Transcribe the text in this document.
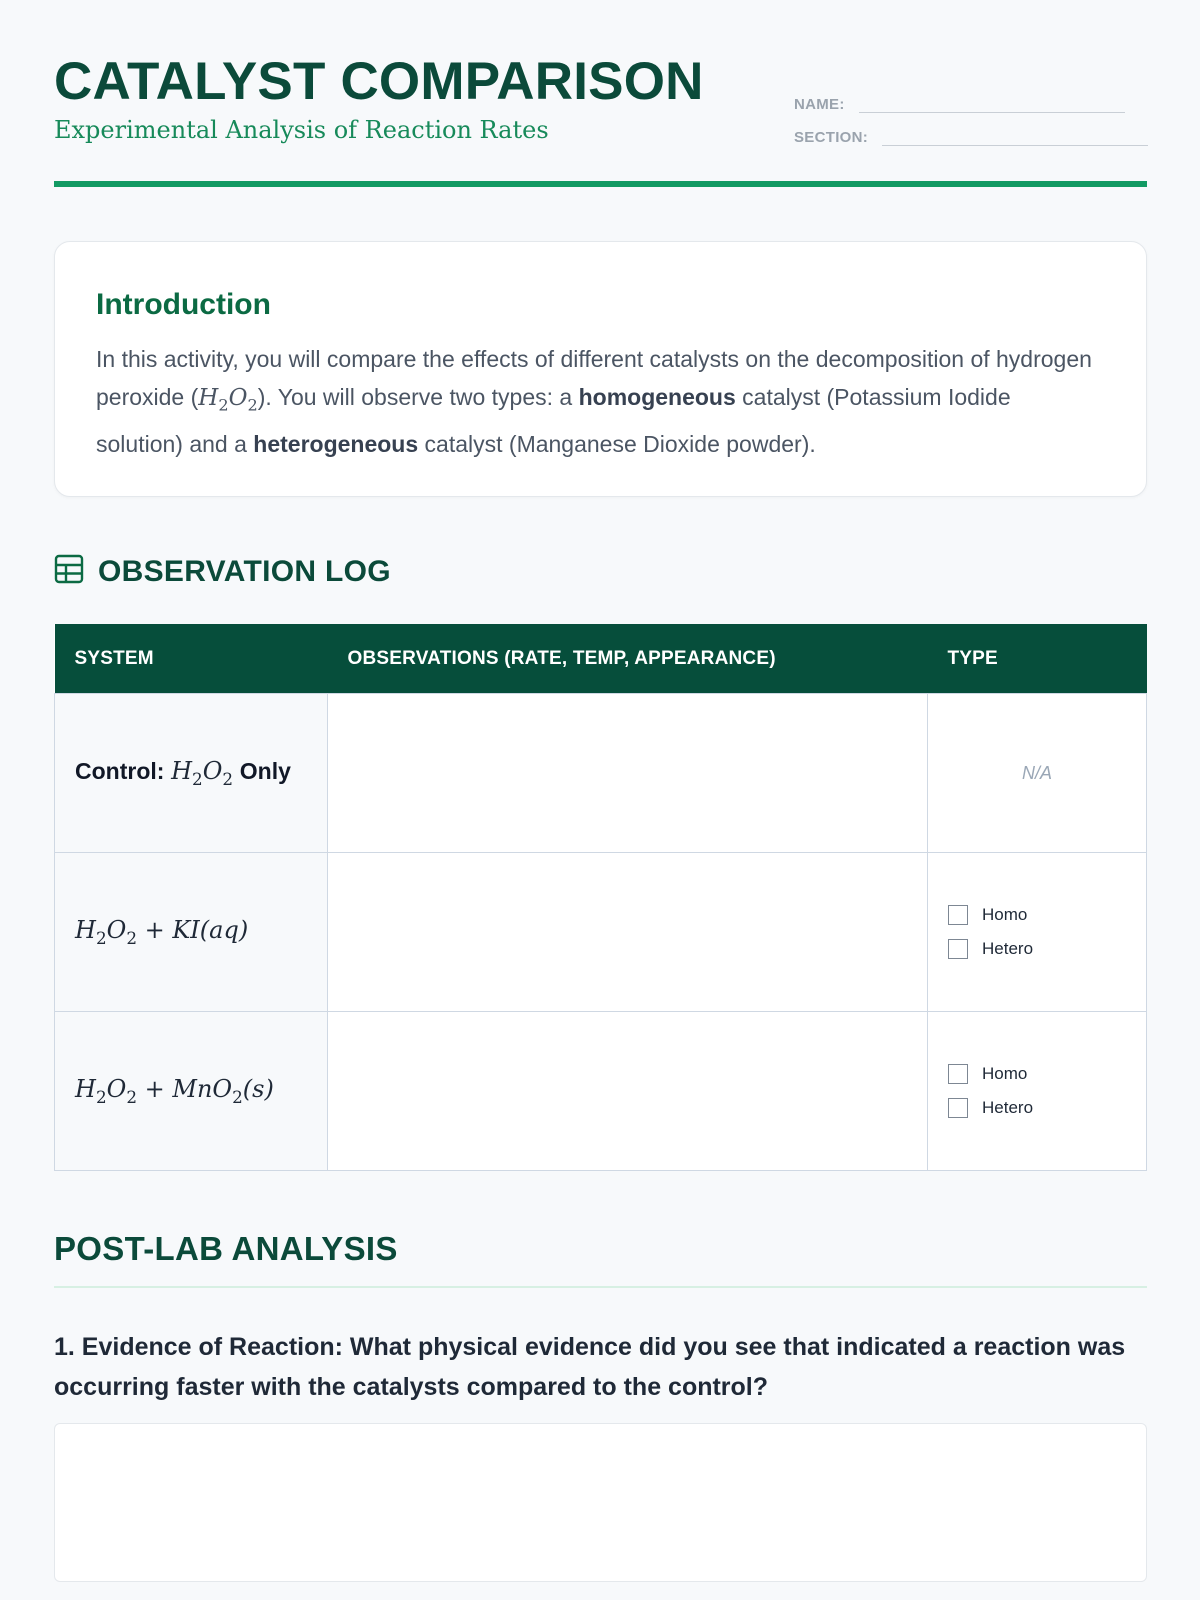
CATALYST COMPARISON
Experimental Analysis of Reaction Rates
NAME:
SECTION:
Introduction

In this activity, you will compare the effects of different catalysts on the decomposition of hydrogen peroxide $(H_2O_2)$. You will observe two types: a homogeneous catalyst (Potassium Iodide solution) and a heterogeneous catalyst (Manganese Dioxide powder).

OBSERVATION LOG
SYSTEM	OBSERVATIONS (RATE, TEMP, APPEARANCE)	TYPE
Control: $H_2O_2$ Only		N/A
$H_2O_2 + KI(aq)$		Homo
Hetero

$H_2O_2 + MnO_2(s)$		Homo
Hetero
POST-LAB ANALYSIS

1. Evidence of Reaction: What physical evidence did you see that indicated a reaction was occurring faster with the catalysts compared to the control?
